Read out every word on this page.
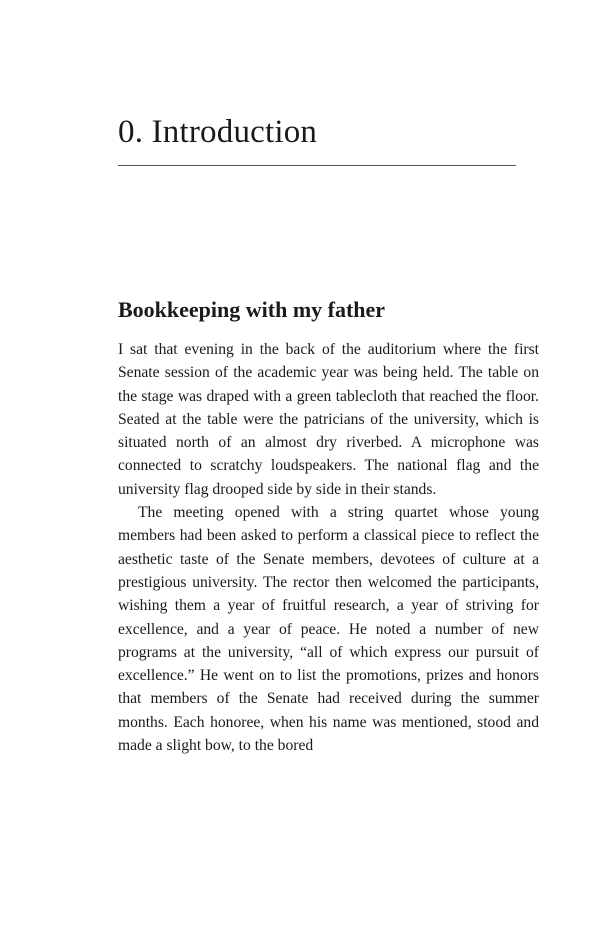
0. Introduction
Bookkeeping with my father

I sat that evening in the back of the auditorium where the first Senate session of the academic year was being held. The table on the stage was draped with a green tablecloth that reached the floor. Seated at the table were the patricians of the university, which is situated north of an almost dry riverbed. A microphone was connected to scratchy loudspeakers. The national flag and the university flag drooped side by side in their stands.

The meeting opened with a string quartet whose young members had been asked to perform a classical piece to reflect the aesthetic taste of the Senate members, devotees of culture at a prestigious university. The rector then welcomed the participants, wishing them a year of fruitful research, a year of striving for excellence, and a year of peace. He noted a number of new programs at the university, “all of which express our pursuit of excellence.” He went on to list the promotions, prizes and honors that members of the Senate had received during the summer months. Each honoree, when his name was mentioned, stood and made a slight bow, to the bored
